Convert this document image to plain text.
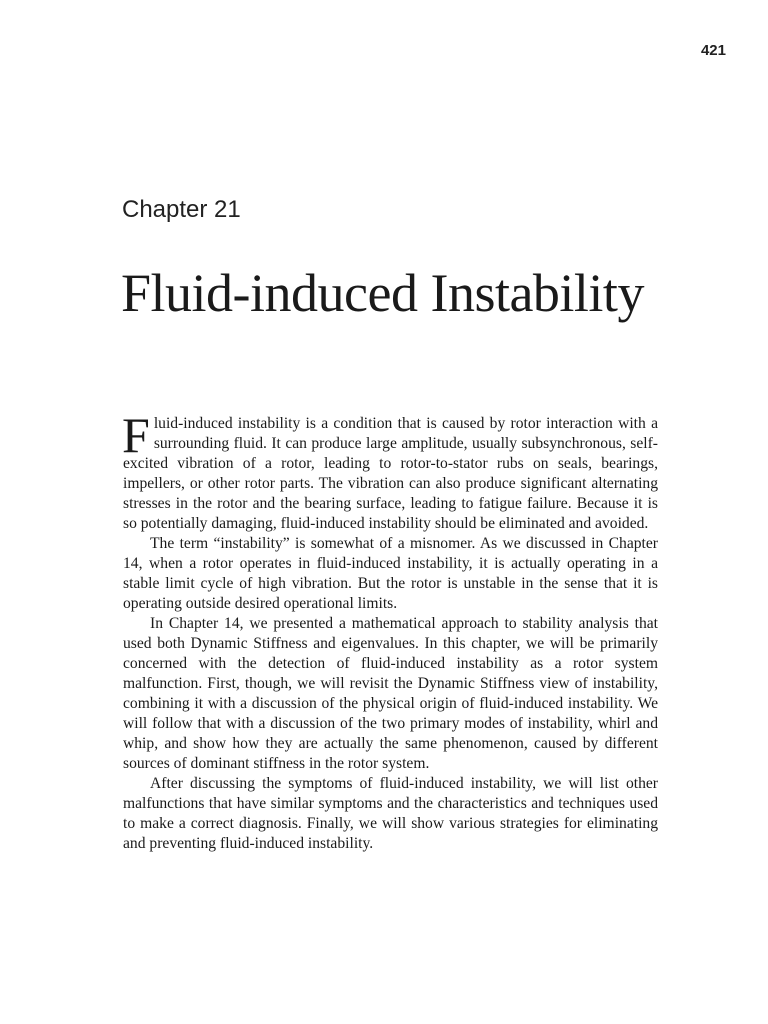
421
Chapter 21
Fluid-induced Instability

Fluid-induced instability is a condition that is caused by rotor interaction with a surrounding fluid. It can produce large amplitude, usually subsynchronous, self-excited vibration of a rotor, leading to rotor-to-stator rubs on seals, bearings, impellers, or other rotor parts. The vibration can also produce significant alternating stresses in the rotor and the bearing surface, leading to fatigue failure. Because it is so potentially damaging, fluid-induced instability should be eliminated and avoided.

The term “instability” is somewhat of a misnomer. As we discussed in Chapter 14, when a rotor operates in fluid-induced instability, it is actually operating in a stable limit cycle of high vibration. But the rotor is unstable in the sense that it is operating outside desired operational limits.

In Chapter 14, we presented a mathematical approach to stability analysis that used both Dynamic Stiffness and eigenvalues. In this chapter, we will be primarily concerned with the detection of fluid-induced instability as a rotor system malfunction. First, though, we will revisit the Dynamic Stiffness view of instability, combining it with a discussion of the physical origin of fluid-induced instability. We will follow that with a discussion of the two primary modes of instability, whirl and whip, and show how they are actually the same phenomenon, caused by different sources of dominant stiffness in the rotor system.

After discussing the symptoms of fluid-induced instability, we will list other malfunctions that have similar symptoms and the characteristics and techniques used to make a correct diagnosis. Finally, we will show various strategies for eliminating and preventing fluid-induced instability.
